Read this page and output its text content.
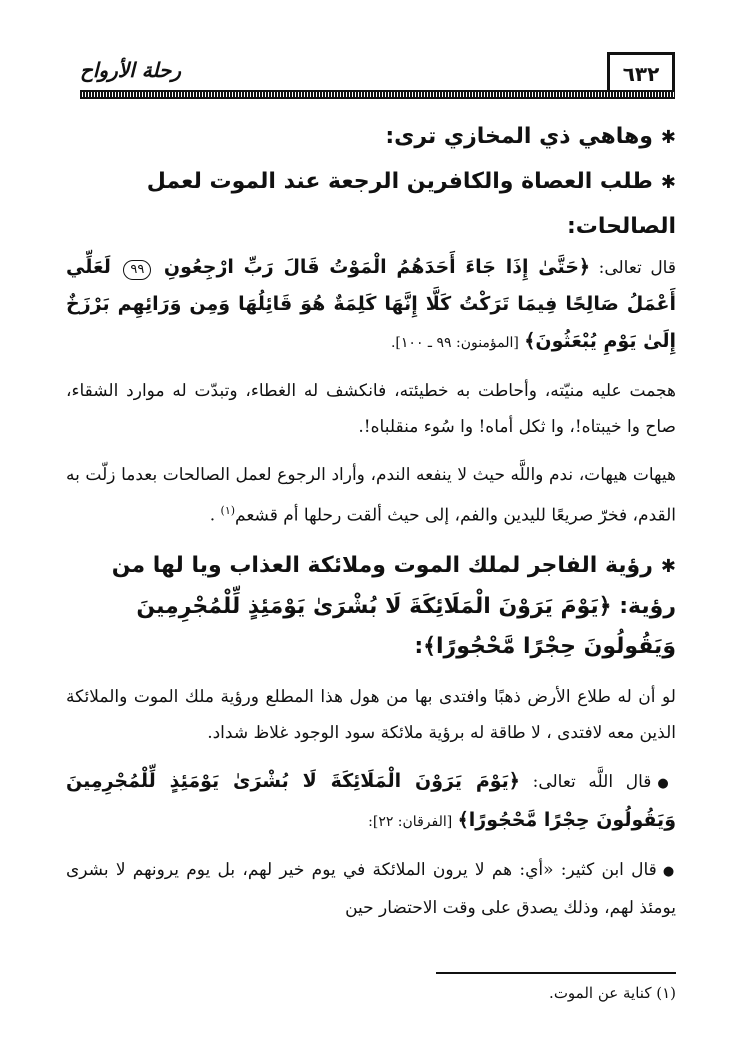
٦٣٢
رحلة الأرواح

✱وهاهي ذي المخازي ترى:

✱طلب العصاة والكافرين الرجعة عند الموت لعمل الصالحات:

قال تعالى: ﴿حَتَّىٰ إِذَا جَاءَ أَحَدَهُمُ الْمَوْتُ قَالَ رَبِّ ارْجِعُونِ ٩٩ لَعَلِّي أَعْمَلُ صَالِحًا فِيمَا تَرَكْتُ كَلَّا إِنَّهَا كَلِمَةٌ هُوَ قَائِلُهَا وَمِن وَرَائِهِم بَرْزَخٌ إِلَىٰ يَوْمِ يُبْعَثُونَ﴾ [المؤمنون: ٩٩ ـ ١٠٠].

هجمت عليه منيّته، وأحاطت به خطيئته، فانكشف له الغطاء، وتبدّت له موارد الشقاء، صاح وا خيبتاه!، وا ثكل أماه! وا سُوء منقلباه!.

هيهات هيهات، ندم واللَّه حيث لا ينفعه الندم، وأراد الرجوع لعمل الصالحات بعدما زلّت به القدم، فخرّ صريعًا لليدين والفم، إلى حيث ألقت رحلها أم قشعم$^{(١)}$ .

✱رؤية الفاجر لملك الموت وملائكة العذاب ويا لها من رؤية: ﴿يَوْمَ يَرَوْنَ الْمَلَائِكَةَ لَا بُشْرَىٰ يَوْمَئِذٍ لِّلْمُجْرِمِينَ وَيَقُولُونَ حِجْرًا مَّحْجُورًا﴾:

لو أن له طلاع الأرض ذهبًا وافتدى بها من هول هذا المطلع ورؤية ملك الموت والملائكة الذين معه لافتدى ، لا طاقة له برؤية ملائكة سود الوجود غلاظ شداد.

●قال اللَّه تعالى: ﴿يَوْمَ يَرَوْنَ الْمَلَائِكَةَ لَا بُشْرَىٰ يَوْمَئِذٍ لِّلْمُجْرِمِينَ وَيَقُولُونَ حِجْرًا مَّحْجُورًا﴾ [الفرقان: ٢٢]:

●قال ابن كثير: «أي: هم لا يرون الملائكة في يوم خير لهم، بل يوم يرونهم لا بشرى يومئذ لهم، وذلك يصدق على وقت الاحتضار حين

(١) كناية عن الموت.
